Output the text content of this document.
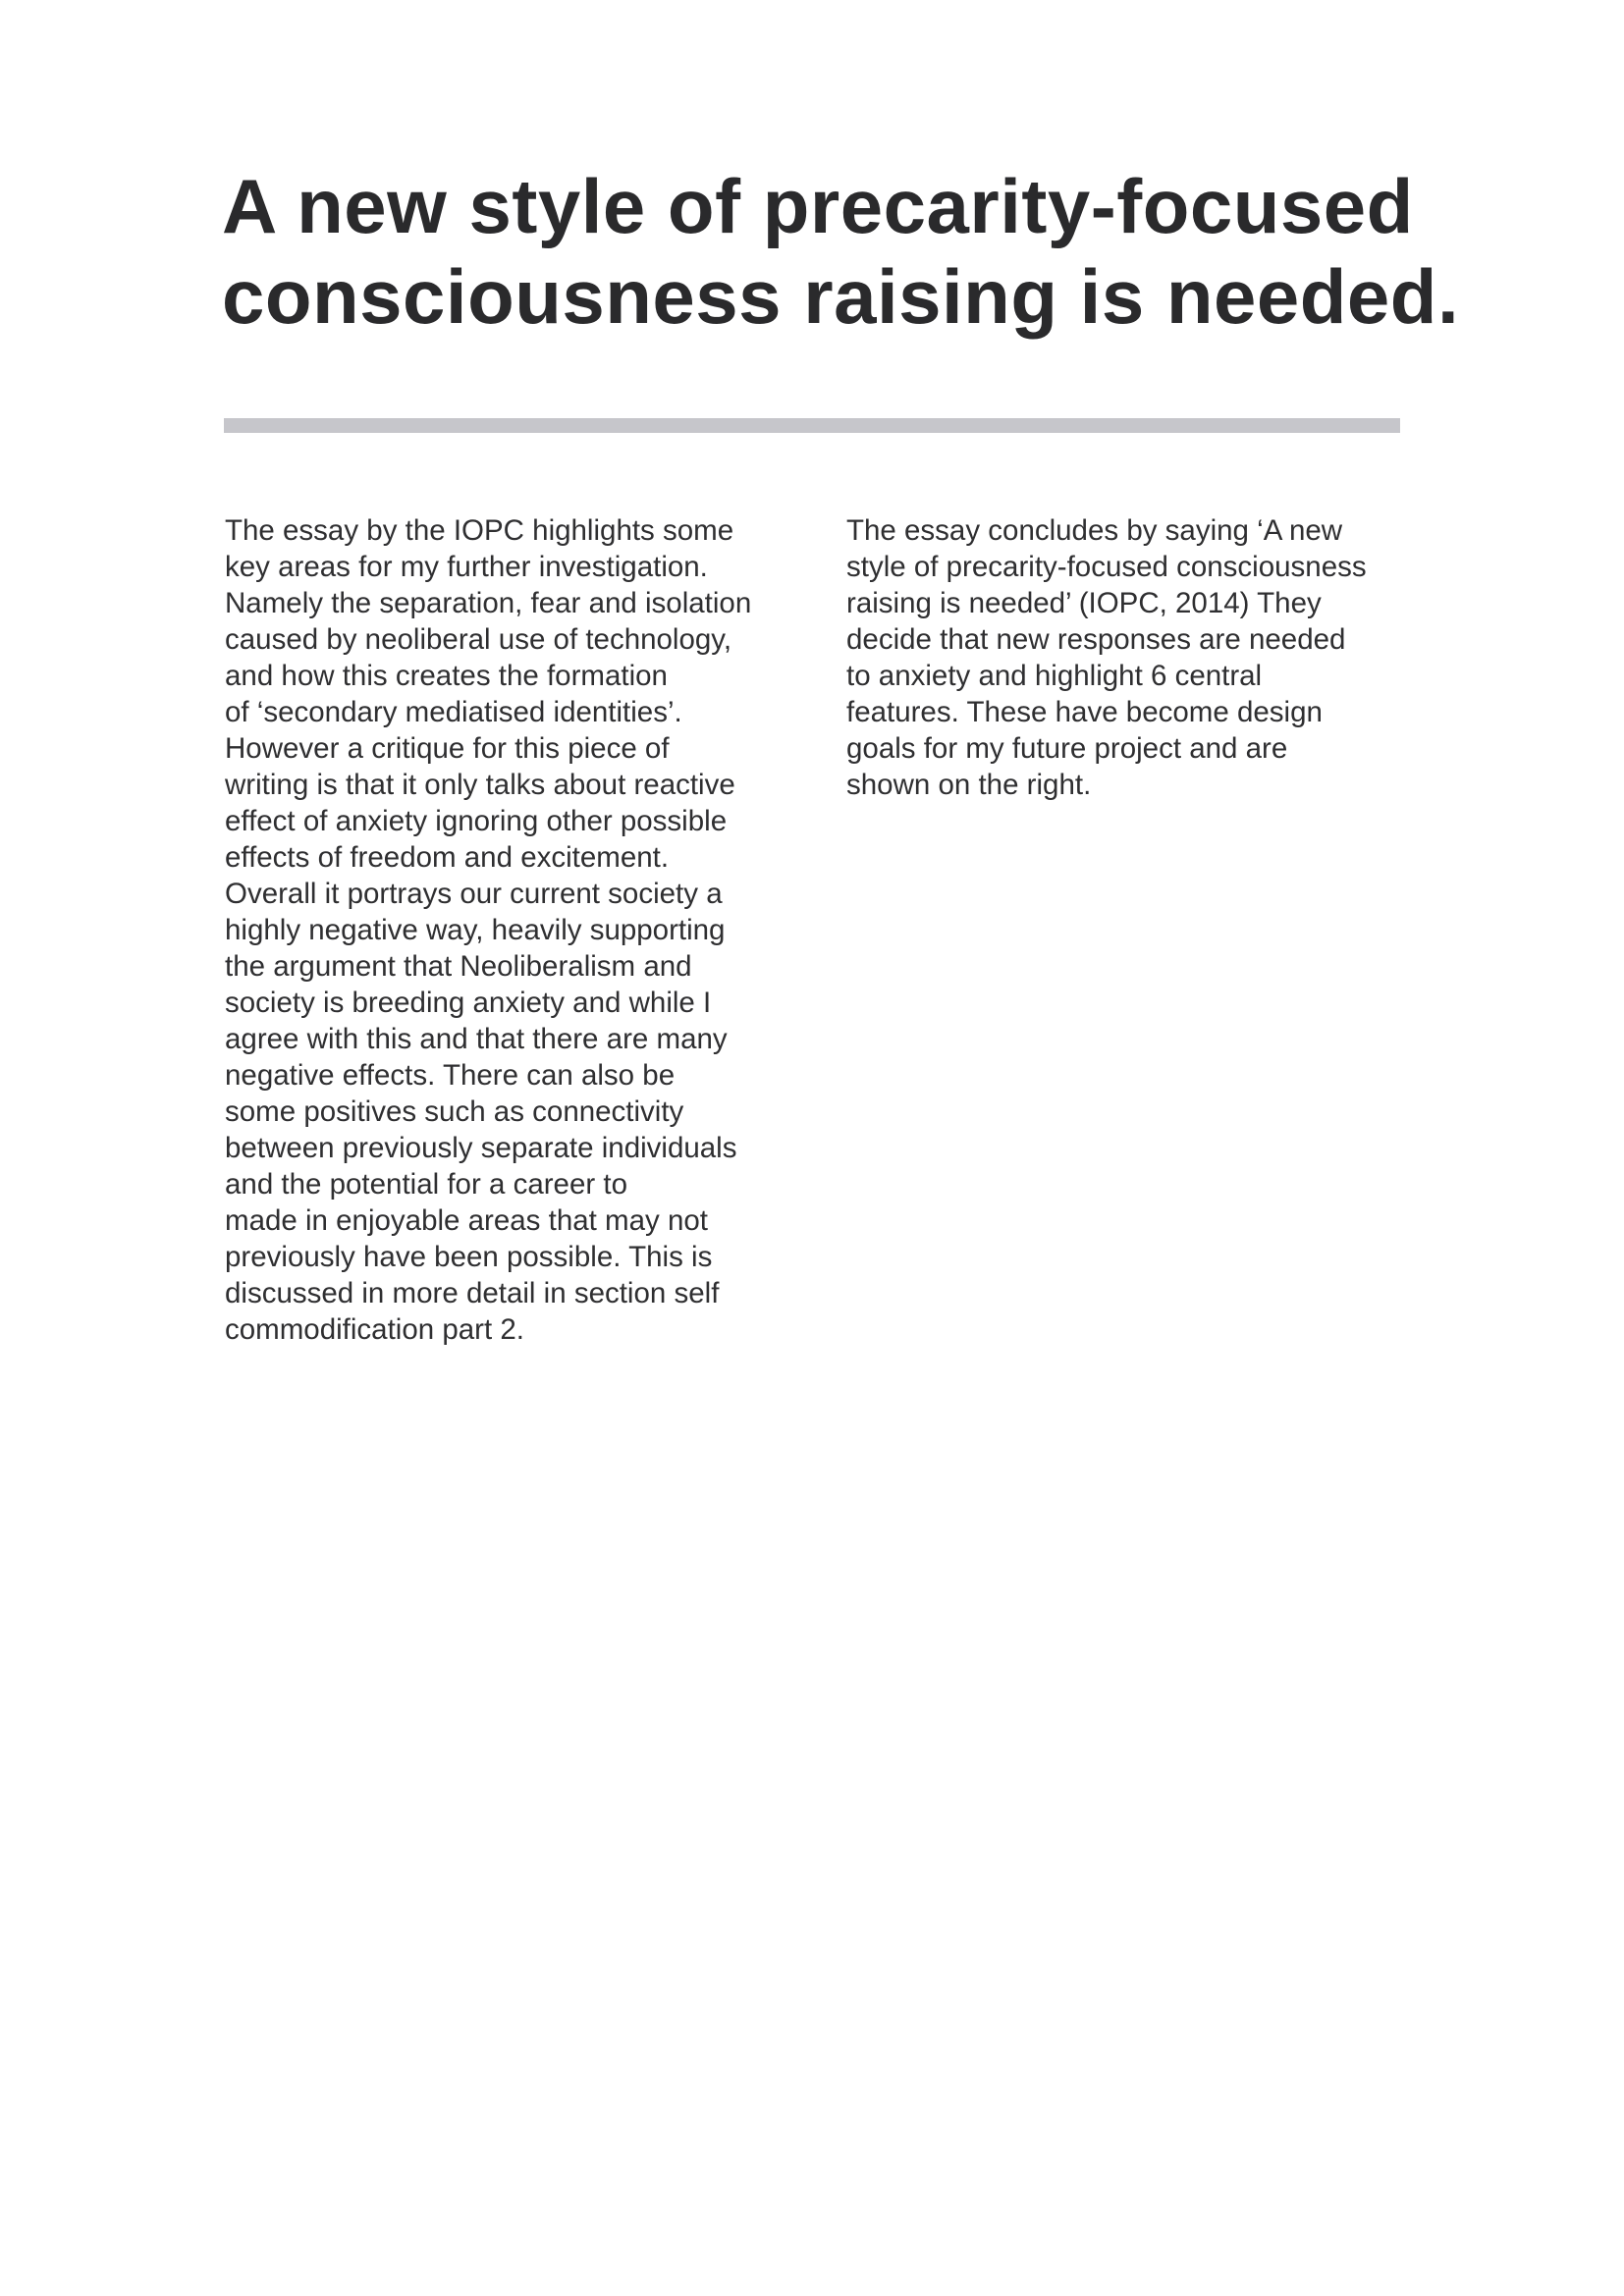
A new style of precarity-focused
consciousness raising is needed.
The essay by the IOPC highlights some
key areas for my further investigation.
Namely the separation, fear and isolation
caused by neoliberal use of technology,
and how this creates the formation
of ‘secondary mediatised identities’.
However a critique for this piece of
writing is that it only talks about reactive
effect of anxiety ignoring other possible
effects of freedom and excitement.
Overall it portrays our current society a
highly negative way, heavily supporting
the argument that Neoliberalism and
society is breeding anxiety and while I
agree with this and that there are many
negative effects. There can also be
some positives such as connectivity
between previously separate individuals
and the potential for a career to
made in enjoyable areas that may not
previously have been possible. This is
discussed in more detail in section self
commodification part 2.
The essay concludes by saying ‘A new
style of precarity-focused consciousness
raising is needed’ (IOPC, 2014) They
decide that new responses are needed
to anxiety and highlight 6 central
features. These have become design
goals for my future project and are
shown on the right.
